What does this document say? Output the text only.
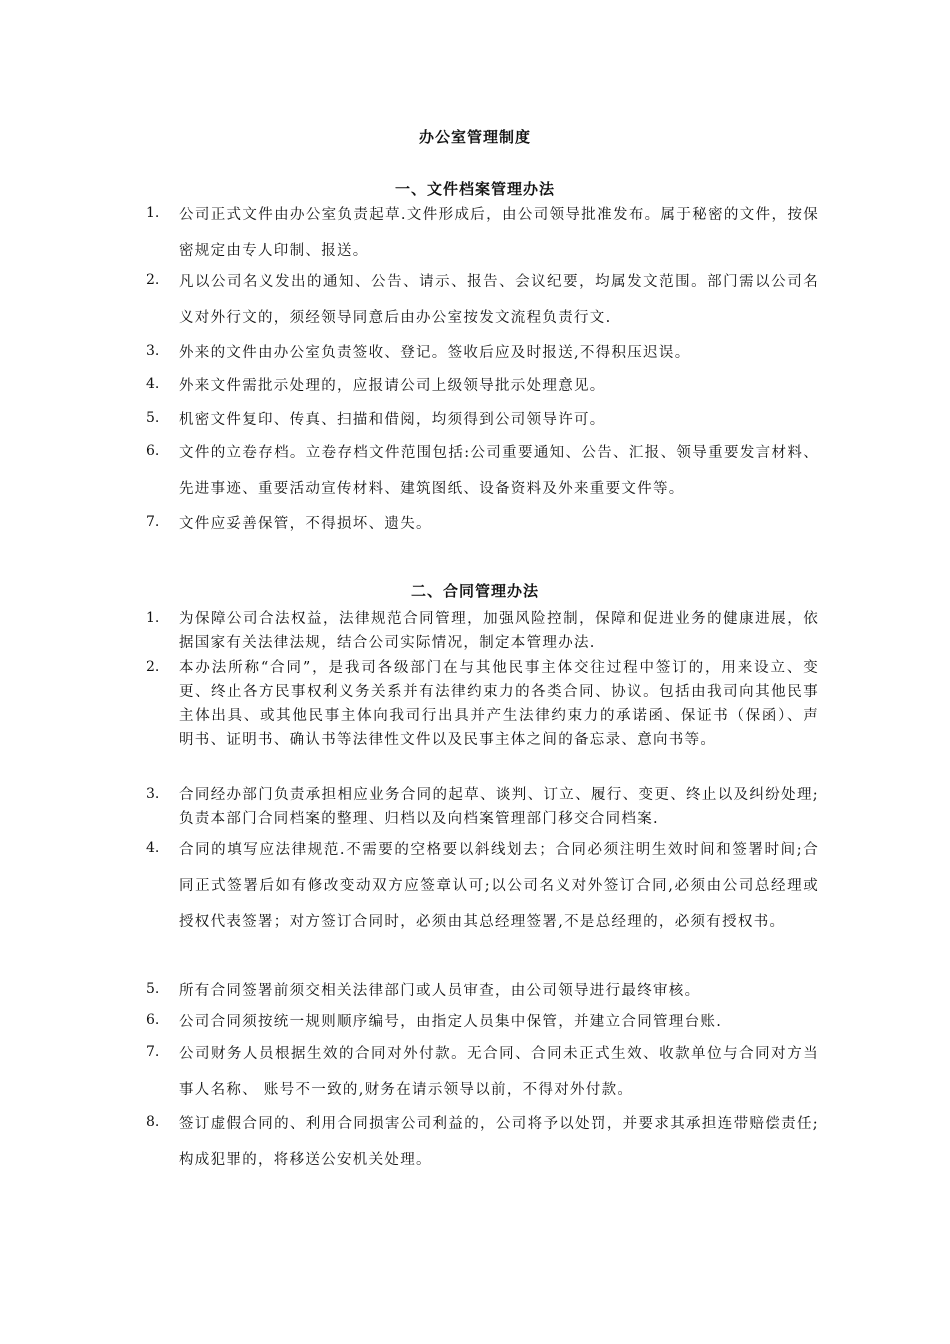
办公室管理制度
一、文件档案管理办法
1. 公司正式文件由办公室负责起草.文件形成后，由公司领导批准发布。属于秘密的文件，按保密规定由专人印制、报送。
2. 凡以公司名义发出的通知、公告、请示、报告、会议纪要，均属发文范围。部门需以公司名义对外行文的，须经领导同意后由办公室按发文流程负责行文.
3. 外来的文件由办公室负责签收、登记。签收后应及时报送,不得积压迟误。
4. 外来文件需批示处理的，应报请公司上级领导批示处理意见。
5. 机密文件复印、传真、扫描和借阅，均须得到公司领导许可。
6. 文件的立卷存档。立卷存档文件范围包括:公司重要通知、公告、汇报、领导重要发言材料、先进事迹、重要活动宣传材料、建筑图纸、设备资料及外来重要文件等。
7. 文件应妥善保管，不得损坏、遗失。
二、合同管理办法
1. 为保障公司合法权益，法律规范合同管理，加强风险控制，保障和促进业务的健康进展，依据国家有关法律法规，结合公司实际情况，制定本管理办法.
2. 本办法所称“合同”，是我司各级部门在与其他民事主体交往过程中签订的，用来设立、变更、终止各方民事权利义务关系并有法律约束力的各类合同、协议。包括由我司向其他民事主体出具、或其他民事主体向我司行出具并产生法律约束力的承诺函、保证书（保函）、声明书、证明书、确认书等法律性文件以及民事主体之间的备忘录、意向书等。
3. 合同经办部门负责承担相应业务合同的起草、谈判、订立、履行、变更、终止以及纠纷处理;负责本部门合同档案的整理、归档以及向档案管理部门移交合同档案.
4. 合同的填写应法律规范.不需要的空格要以斜线划去；合同必须注明生效时间和签署时间;合同正式签署后如有修改变动双方应签章认可;以公司名义对外签订合同,必须由公司总经理或授权代表签署；对方签订合同时，必须由其总经理签署,不是总经理的，必须有授权书。
5. 所有合同签署前须交相关法律部门或人员审查，由公司领导进行最终审核。
6. 公司合同须按统一规则顺序编号，由指定人员集中保管，并建立合同管理台账.
7. 公司财务人员根据生效的合同对外付款。无合同、合同未正式生效、收款单位与合同对方当事人名称、 账号不一致的,财务在请示领导以前，不得对外付款。
8. 签订虚假合同的、利用合同损害公司利益的，公司将予以处罚，并要求其承担连带赔偿责任;构成犯罪的，将移送公安机关处理。
